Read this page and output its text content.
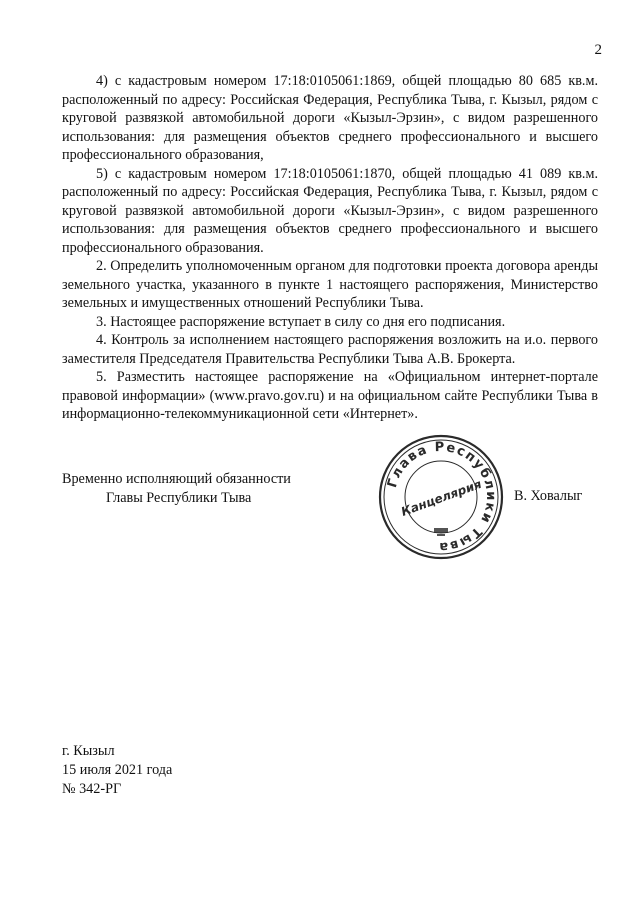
2

4) с кадастровым номером 17:18:0105061:1869, общей площадью 80 685 кв.м. расположенный по адресу: Российская Федерация, Республика Тыва, г. Кызыл, рядом с круговой развязкой автомобильной дороги «Кызыл-Эрзин», с видом разрешенного использования: для размещения объектов среднего профессионального и высшего профессионального образования,

5) с кадастровым номером 17:18:0105061:1870, общей площадью 41 089 кв.м. расположенный по адресу: Российская Федерация, Республика Тыва, г. Кызыл, рядом с круговой развязкой автомобильной дороги «Кызыл-Эрзин», с видом разрешенного использования: для размещения объектов среднего профессионального и высшего профессионального образования.

2. Определить уполномоченным органом для подготовки проекта договора аренды земельного участка, указанного в пункте 1 настоящего распоряжения, Министерство земельных и имущественных отношений Республики Тыва.

3. Настоящее распоряжение вступает в силу со дня его подписания.

4. Контроль за исполнением настоящего распоряжения возложить на и.о. первого заместителя Председателя Правительства Республики Тыва А.В. Брокерта.

5. Разместить настоящее распоряжение на «Официальном интернет-портале правовой информации» (www.pravo.gov.ru) и на официальном сайте Республики Тыва в информационно-телекоммуникационной сети «Интернет».

Временно исполняющий обязанности
Главы Республики Тыва
Глава Республики Тыва
Канцелярия В. Ховалыг
г. Кызыл
15 июля 2021 года
№ 342-РГ
